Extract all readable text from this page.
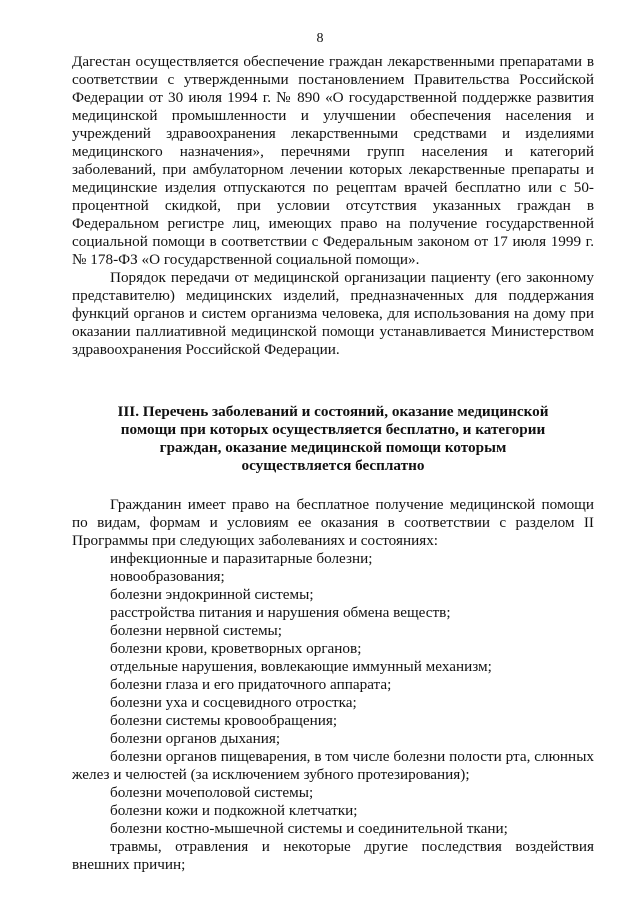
8

Дагестан осуществляется обеспечение граждан лекарственными препаратами в соответствии с утвержденными постановлением Правительства Российской Федерации от 30 июля 1994 г. № 890 «О государственной поддержке развития медицинской промышленности и улучшении обеспечения населения и учреждений здравоохранения лекарственными средствами и изделиями медицинского назначения», перечнями групп населения и категорий заболеваний, при амбулаторном лечении которых лекарственные препараты и медицинские изделия отпускаются по рецептам врачей бесплатно или с 50-процентной скидкой, при условии отсутствия указанных граждан в Федеральном регистре лиц, имеющих право на получение государственной социальной помощи в соответствии с Федеральным законом от 17 июля 1999 г. № 178-ФЗ «О государственной социальной помощи».

Порядок передачи от медицинской организации пациенту (его законному представителю) медицинских изделий, предназначенных для поддержания функций органов и систем организма человека, для использования на дому при оказании паллиативной медицинской помощи устанавливается Министерством здравоохранения Российской Федерации.

III. Перечень заболеваний и состояний, оказание медицинской помощи при которых осуществляется бесплатно, и категории граждан, оказание медицинской помощи которым осуществляется бесплатно

Гражданин имеет право на бесплатное получение медицинской помощи по видам, формам и условиям ее оказания в соответствии с разделом II Программы при следующих заболеваниях и состояниях:

инфекционные и паразитарные болезни;

новообразования;

болезни эндокринной системы;

расстройства питания и нарушения обмена веществ;

болезни нервной системы;

болезни крови, кроветворных органов;

отдельные нарушения, вовлекающие иммунный механизм;

болезни глаза и его придаточного аппарата;

болезни уха и сосцевидного отростка;

болезни системы кровообращения;

болезни органов дыхания;

болезни органов пищеварения, в том числе болезни полости рта, слюнных желез и челюстей (за исключением зубного протезирования);

болезни мочеполовой системы;

болезни кожи и подкожной клетчатки;

болезни костно-мышечной системы и соединительной ткани;

травмы, отравления и некоторые другие последствия воздействия внешних причин;
